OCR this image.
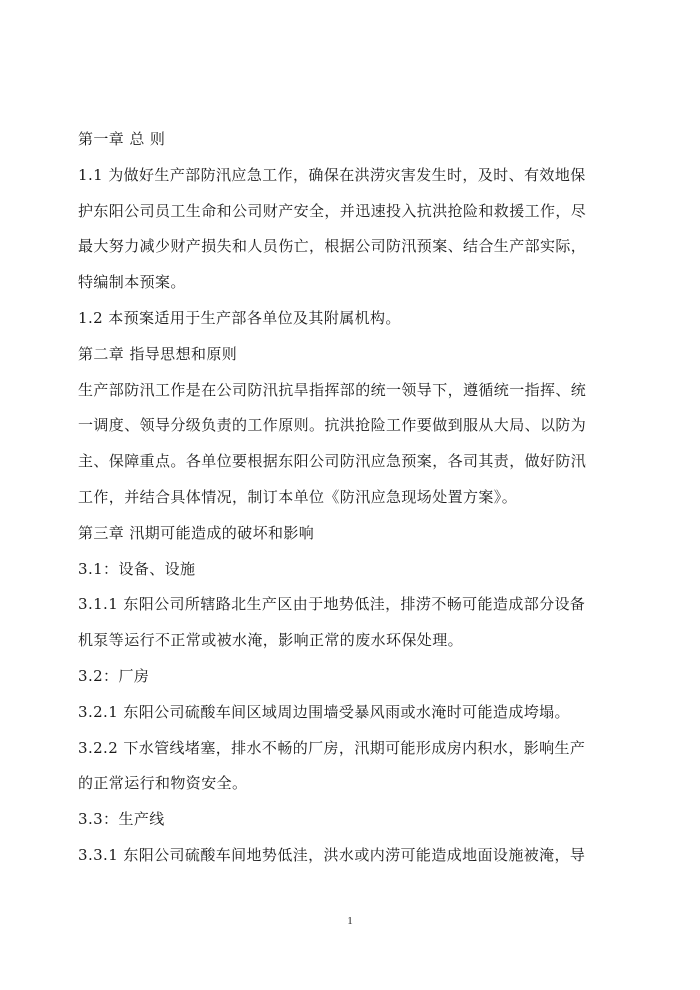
第一章 总 则
1.1 为做好生产部防汛应急工作，确保在洪涝灾害发生时，及时、有效地保
护东阳公司员工生命和公司财产安全，并迅速投入抗洪抢险和救援工作，尽
最大努力减少财产损失和人员伤亡，根据公司防汛预案、结合生产部实际，
特编制本预案。
1.2 本预案适用于生产部各单位及其附属机构。
第二章 指导思想和原则
生产部防汛工作是在公司防汛抗旱指挥部的统一领导下，遵循统一指挥、统
一调度、领导分级负责的工作原则。抗洪抢险工作要做到服从大局、以防为
主、保障重点。各单位要根据东阳公司防汛应急预案，各司其责，做好防汛
工作，并结合具体情况，制订本单位《防汛应急现场处置方案》。
第三章 汛期可能造成的破坏和影响
3.1：设备、设施
3.1.1 东阳公司所辖路北生产区由于地势低洼，排涝不畅可能造成部分设备
机泵等运行不正常或被水淹，影响正常的废水环保处理。
3.2：厂房
3.2.1 东阳公司硫酸车间区域周边围墙受暴风雨或水淹时可能造成垮塌。
3.2.2 下水管线堵塞，排水不畅的厂房，汛期可能形成房内积水，影响生产
的正常运行和物资安全。
3.3：生产线
3.3.1 东阳公司硫酸车间地势低洼，洪水或内涝可能造成地面设施被淹，导
1
